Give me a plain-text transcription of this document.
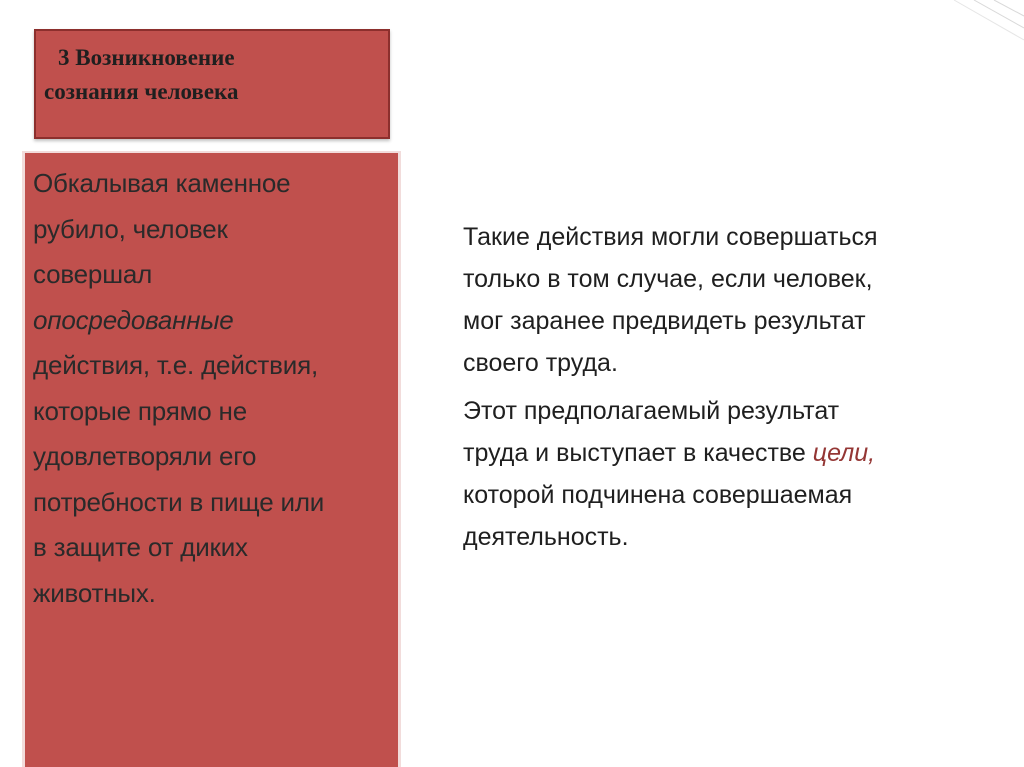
3 Возникновение
сознания человека
Обкалывая каменное
рубило, человек
совершал
опосредованные
действия, т.е. действия,
которые прямо не
удовлетворяли его
потребности в пище или
в защите от диких
животных.

Такие действия могли совершаться
только в том случае, если человек,
мог заранее предвидеть результат
своего труда.

Этот предполагаемый результат
труда и выступает в качестве цели,
которой подчинена совершаемая
деятельность.
